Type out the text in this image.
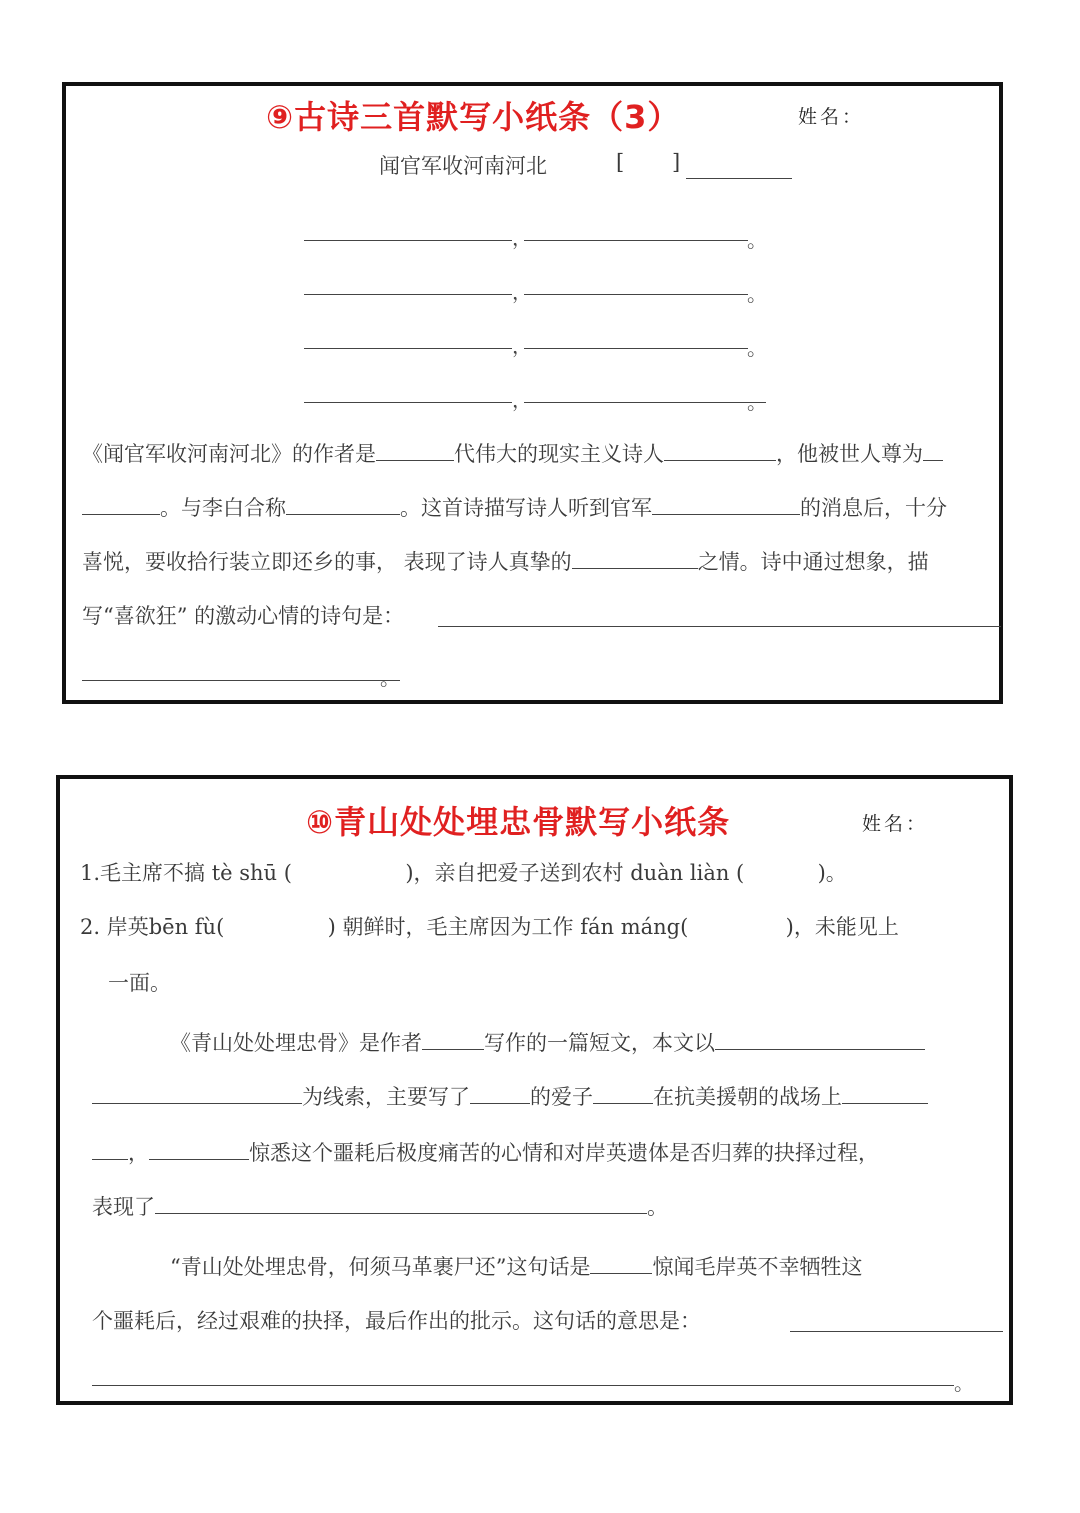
⑨古诗三首默写小纸条（3）	姓名：
闻官军收河南河北	[ ]
，	。
，	。
，	。
，	。
《闻官军收河南河北》的作者是	代伟大的现实主义诗人	，他被世人尊为
。与李白合称	。这首诗描写诗人听到官军	的消息后，十分
喜悦，要收拾行装立即还乡的事， 表现了诗人真挚的	之情。诗中通过想象，描
写“喜欲狂” 的激动心情的诗句是：
。
⑩青山处处埋忠骨默写小纸条	姓名：
1.毛主席不搞 tè shū (	)，亲自把爱子送到农村 duàn liàn (	)。
2. 岸英bēn fù(	) 朝鲜时，毛主席因为工作 fán máng(	)，未能见上
一面。
《青山处处埋忠骨》是作者	写作的一篇短文，本文以
为线索，主要写了	的爱子	在抗美援朝的战场上
，	惊悉这个噩耗后极度痛苦的心情和对岸英遗体是否归葬的抉择过程，
表现了	。
“青山处处埋忠骨，何须马革裹尸还”这句话是	惊闻毛岸英不幸牺牲这
个噩耗后，经过艰难的抉择，最后作出的批示。这句话的意思是：
。
